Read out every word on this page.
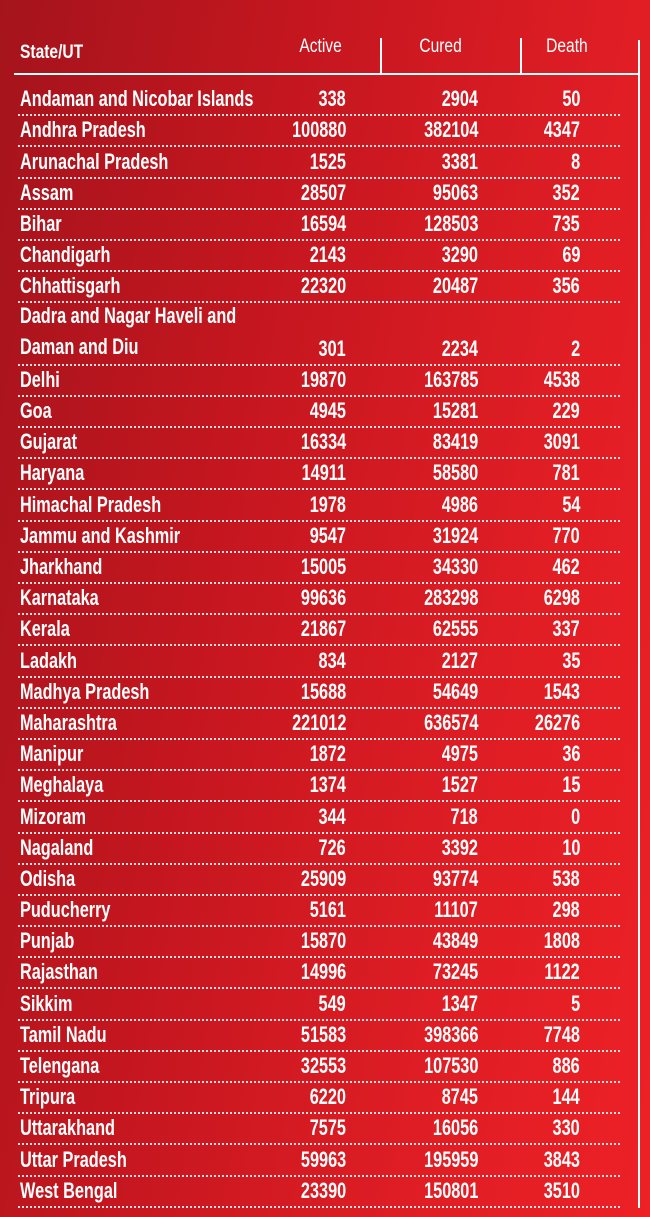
State/UT	Active	Cured	Death
Andaman and Nicobar Islands	338	2904	50
Andhra Pradesh	100880	382104	4347
Arunachal Pradesh	1525	3381	8
Assam	28507	95063	352
Bihar	16594	128503	735
Chandigarh	2143	3290	69
Chhattisgarh	22320	20487	356
Dadra and Nagar Haveli and Daman and Diu	301	2234	2
Delhi	19870	163785	4538
Goa	4945	15281	229
Gujarat	16334	83419	3091
Haryana	14911	58580	781
Himachal Pradesh	1978	4986	54
Jammu and Kashmir	9547	31924	770
Jharkhand	15005	34330	462
Karnataka	99636	283298	6298
Kerala	21867	62555	337
Ladakh	834	2127	35
Madhya Pradesh	15688	54649	1543
Maharashtra	221012	636574	26276
Manipur	1872	4975	36
Meghalaya	1374	1527	15
Mizoram	344	718	0
Nagaland	726	3392	10
Odisha	25909	93774	538
Puducherry	5161	11107	298
Punjab	15870	43849	1808
Rajasthan	14996	73245	1122
Sikkim	549	1347	5
Tamil Nadu	51583	398366	7748
Telengana	32553	107530	886
Tripura	6220	8745	144
Uttarakhand	7575	16056	330
Uttar Pradesh	59963	195959	3843
West Bengal	23390	150801	3510
